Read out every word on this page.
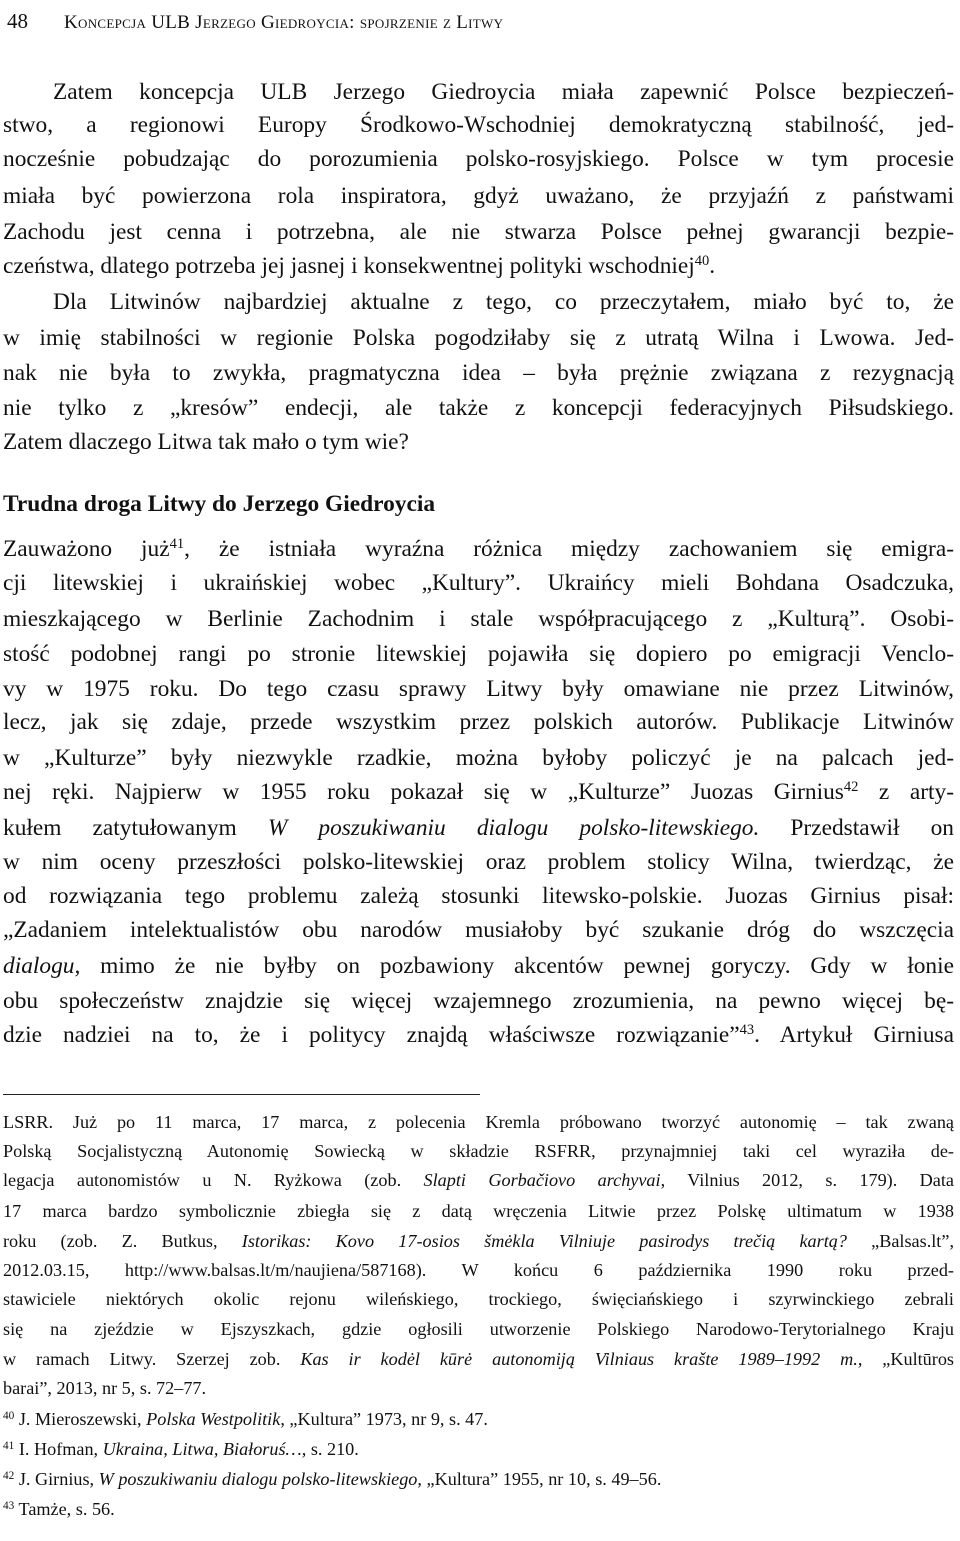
48 Koncepcja ULB Jerzego Giedroycia: spojrzenie z Litwy

Zatem koncepcja ULB Jerzego Giedroycia miała zapewnić Polsce bezpieczeń-

stwo, a regionowi Europy Środkowo-Wschodniej demokratyczną stabilność, jed-

nocześnie pobudzając do porozumienia polsko-rosyjskiego. Polsce w tym procesie

miała być powierzona rola inspiratora, gdyż uważano, że przyjaźń z państwami

Zachodu jest cenna i potrzebna, ale nie stwarza Polsce pełnej gwarancji bezpie-

czeństwa, dlatego potrzeba jej jasnej i konsekwentnej polityki wschodniej$^{40}$.

Dla Litwinów najbardziej aktualne z tego, co przeczytałem, miało być to, że

w imię stabilności w regionie Polska pogodziłaby się z utratą Wilna i Lwowa. Jed-

nak nie była to zwykła, pragmatyczna idea – była prężnie związana z rezygnacją

nie tylko z „kresów” endecji, ale także z koncepcji federacyjnych Piłsudskiego.

Zatem dlaczego Litwa tak mało o tym wie?

Trudna droga Litwy do Jerzego Giedroycia

Zauważono już$^{41}$, że istniała wyraźna różnica między zachowaniem się emigra-

cji litewskiej i ukraińskiej wobec „Kultury”. Ukraińcy mieli Bohdana Osadczuka,

mieszkającego w Berlinie Zachodnim i stale współpracującego z „Kulturą”. Osobi-

stość podobnej rangi po stronie litewskiej pojawiła się dopiero po emigracji Venclo-

vy w 1975 roku. Do tego czasu sprawy Litwy były omawiane nie przez Litwinów,

lecz, jak się zdaje, przede wszystkim przez polskich autorów. Publikacje Litwinów

w „Kulturze” były niezwykle rzadkie, można byłoby policzyć je na palcach jed-

nej ręki. Najpierw w 1955 roku pokazał się w „Kulturze” Juozas Girnius$^{42}$ z arty-
kułem zatytułowanym W poszukiwaniu dialogu polsko-litewskiego. Przedstawił on

w nim oceny przeszłości polsko-litewskiej oraz problem stolicy Wilna, twierdząc, że

od rozwiązania tego problemu zależą stosunki litewsko-polskie. Juozas Girnius pisał:

„Zadaniem intelektualistów obu narodów musiałoby być szukanie dróg do wszczęcia

dialogu, mimo że nie byłby on pozbawiony akcentów pewnej goryczy. Gdy w łonie

obu społeczeństw znajdzie się więcej wzajemnego zrozumienia, na pewno więcej bę-

dzie nadziei na to, że i politycy znajdą właściwsze rozwiązanie”$^{43}$. Artykuł Girniusa

LSRR. Już po 11 marca, 17 marca, z polecenia Kremla próbowano tworzyć autonomię – tak zwaną

Polską Socjalistyczną Autonomię Sowiecką w składzie RSFRR, przynajmniej taki cel wyraziła de-

legacja autonomistów u N. Ryżkowa (zob. Slapti Gorbačiovo archyvai, Vilnius 2012, s. 179). Data

17 marca bardzo symbolicznie zbiegła się z datą wręczenia Litwie przez Polskę ultimatum w 1938

roku (zob. Z. Butkus, Istorikas: Kovo 17-osios šmėkla Vilniuje pasirodys trečią kartą? „Balsas.lt”,

2012.03.15, http://www.balsas.lt/m/naujiena/587168). W końcu 6 października 1990 roku przed-

stawiciele niektórych okolic rejonu wileńskiego, trockiego, święciańskiego i szyrwinckiego zebrali

się na zjeździe w Ejszyszkach, gdzie ogłosili utworzenie Polskiego Narodowo-Terytorialnego Kraju

w ramach Litwy. Szerzej zob. Kas ir kodėl kūrė autonomiją Vilniaus krašte 1989–1992 m., „Kultūros

barai”, 2013, nr 5, s. 72–77.

$^{40}$ J. Mieroszewski, Polska Westpolitik, „Kultura” 1973, nr 9, s. 47.
$^{41}$ I. Hofman, Ukraina, Litwa, Białoruś…, s. 210.
$^{42}$ J. Girnius, W poszukiwaniu dialogu polsko-litewskiego, „Kultura” 1955, nr 10, s. 49–56.
$^{43}$ Tamże, s. 56.
